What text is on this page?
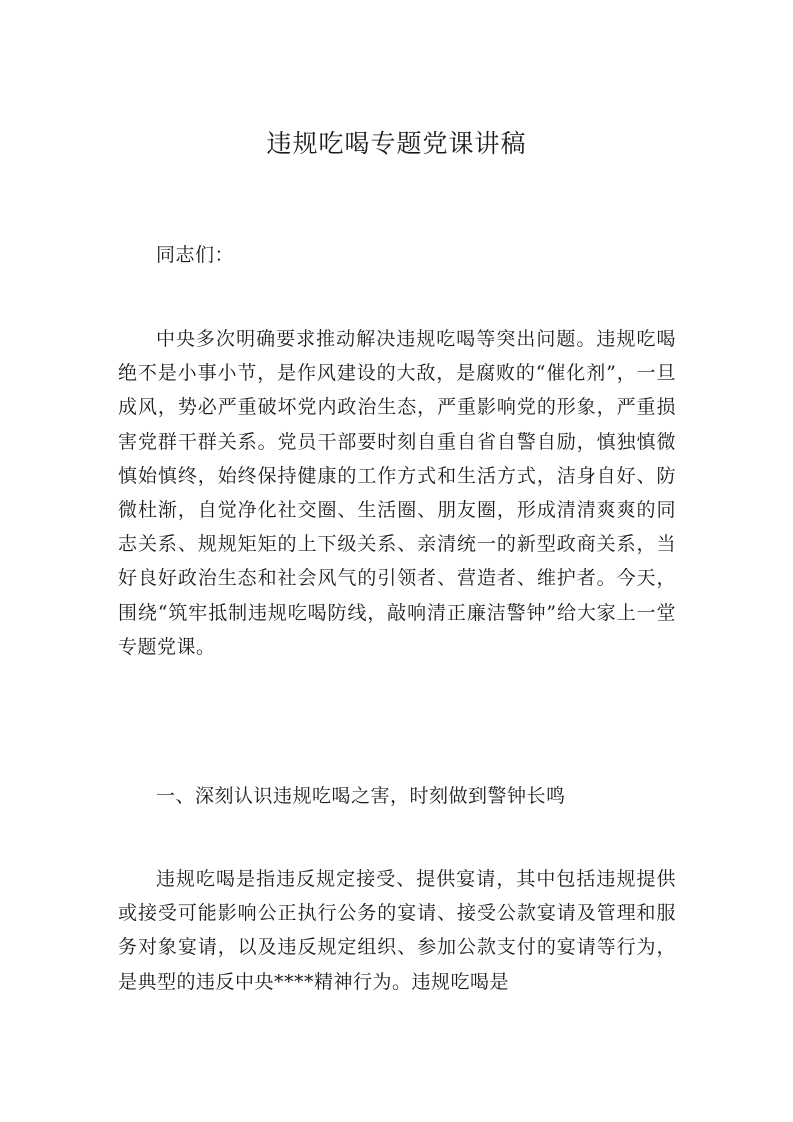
违规吃喝专题党课讲稿

同志们：

中央多次明确要求推动解决违规吃喝等突出问题。违规吃喝绝不是小事小节，是作风建设的大敌，是腐败的“催化剂”，一旦成风，势必严重破坏党内政治生态，严重影响党的形象，严重损害党群干群关系。党员干部要时刻自重自省自警自励，慎独慎微慎始慎终，始终保持健康的工作方式和生活方式，洁身自好、防微杜渐，自觉净化社交圈、生活圈、朋友圈，形成清清爽爽的同志关系、规规矩矩的上下级关系、亲清统一的新型政商关系，当好良好政治生态和社会风气的引领者、营造者、维护者。今天，围绕“筑牢抵制违规吃喝防线，敲响清正廉洁警钟”给大家上一堂专题党课。

一、深刻认识违规吃喝之害，时刻做到警钟长鸣

违规吃喝是指违反规定接受、提供宴请，其中包括违规提供或接受可能影响公正执行公务的宴请、接受公款宴请及管理和服务对象宴请，以及违反规定组织、参加公款支付的宴请等行为，是典型的违反中央****精神行为。违规吃喝是
